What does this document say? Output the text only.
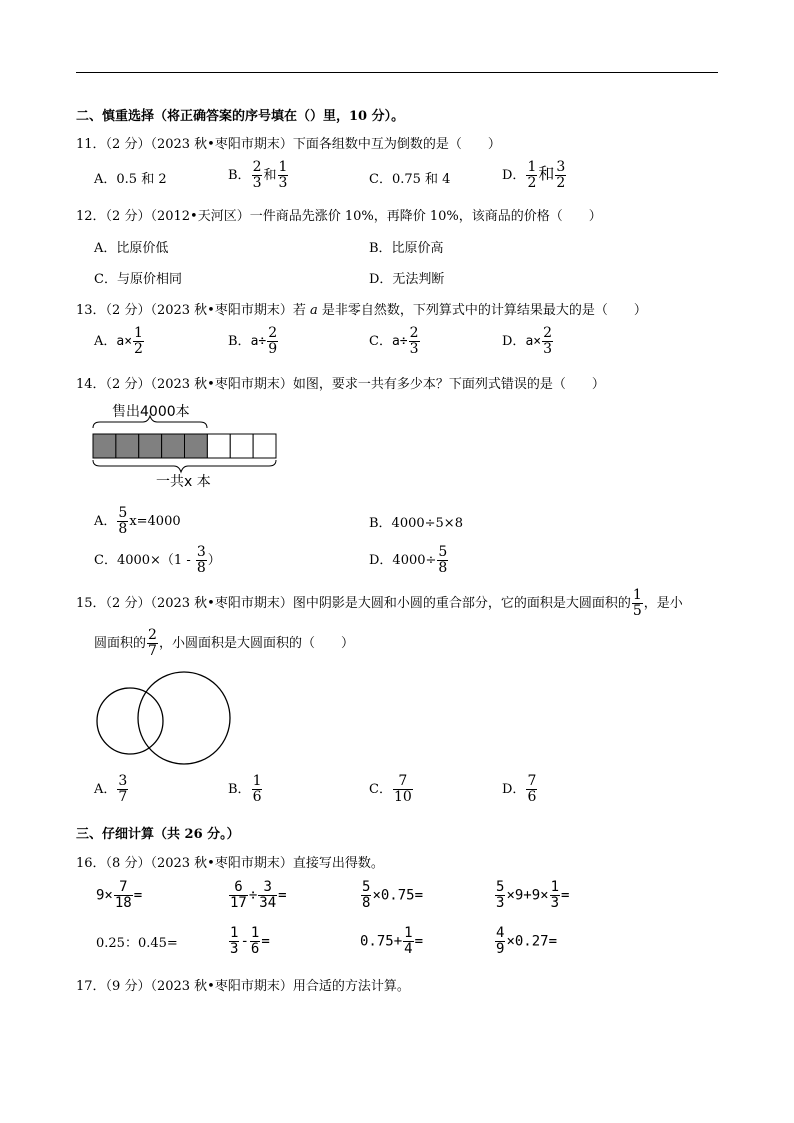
二、慎重选择（将正确答案的序号填在（）里，10 分）。
11．（2 分）（2023 秋•枣阳市期末）下面各组数中互为倒数的是（　　）
A．0.5 和 2	B． $\frac{2}{3}$ 和 $\frac{1}{3}$	C．0.75 和 4	D． $\frac{1}{2}$ 和 $\frac{3}{2}$
12．（2 分）（2012•天河区）一件商品先涨价 10%，再降价 10%，该商品的价格（　　）
A．比原价低	B．比原价高
C．与原价相同	D．无法判断
13．（2 分）（2023 秋•枣阳市期末）若 a 是非零自然数，下列算式中的计算结果最大的是（　　）
A．$a\times \frac{1}{2}$	B．$a\div \frac{2}{9}$	C．$a\div \frac{2}{3}$	D．$a\times \frac{2}{3}$
14．（2 分）（2023 秋•枣阳市期末）如图，要求一共有多少本？下面列式错误的是（　　）
售出4000本
一共x 本
A． $\frac{5}{8} x=4000$	B．4000÷5×8
C．$4000\times(1 - \frac{3}{8}$ ）	D．$4000\div \frac{5}{8}$
15．（2 分）（2023 秋•枣阳市期末）图中阴影是大圆和小圆的重合部分，它的面积是大圆面积的 $\frac{1}{5}$ ，是小
圆面积的 $\frac{2}{7}$ ，小圆面积是大圆面积的（　　）
A． $\frac{3}{7}$	B． $\frac{1}{6}$	C． $\frac{7}{10}$	D． $\frac{7}{6}$
三、仔细计算（共 26 分。）
16．（8 分）（2023 秋•枣阳市期末）直接写出得数。
$9\times \frac{7}{18}$ =	$\frac{6}{17} \div \frac{3}{34}$ =	$\frac{5}{8} \times 0.75=$	$\frac{5}{3} \times 9+9\times \frac{1}{3}$ =
0.25：0.45=	$\frac{1}{3} - \frac{1}{6}$ =	$0.75+ \frac{1}{4}$ =	$\frac{4}{9} \times 0.27=$
17．（9 分）（2023 秋•枣阳市期末）用合适的方法计算。
